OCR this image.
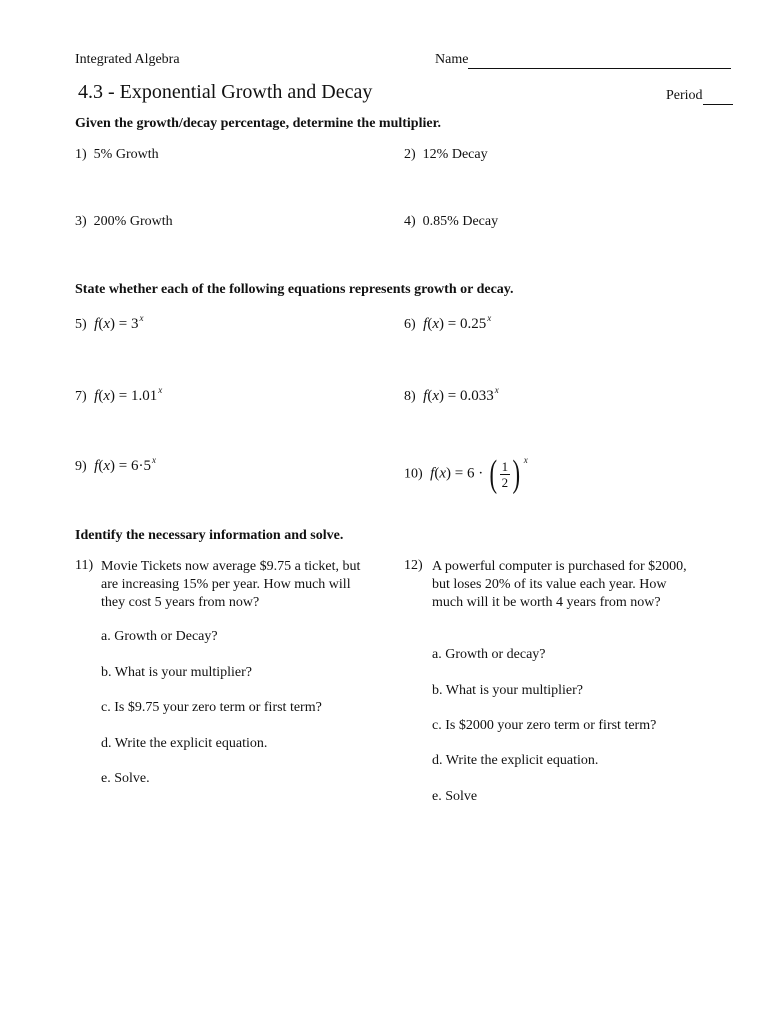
Integrated Algebra	Name
4.3 - Exponential Growth and Decay	Period
Given the growth/decay percentage, determine the multiplier.
1) 5% Growth	2) 12% Decay
3) 200% Growth	4) 0.85% Decay
State whether each of the following equations represents growth or decay.
5) $f(x) = 3^x$	6) $f(x) = 0.25^x$
7) $f(x) = 1.01^x$	8) $f(x) = 0.033^x$
9) $f(x) = 6\cdot 5^x$
10) f(x) = 6 · ( $\frac{1}{2}$ ) $^x$
Identify the necessary information and solve.
11) Movie Tickets now average $9.75 a ticket, but are increasing 15% per year. How much will they cost 5 years from now?
a. Growth or Decay?
b. What is your multiplier?
c. Is $9.75 your zero term or first term?
d. Write the explicit equation.
e. Solve.
12) A powerful computer is purchased for $2000, but loses 20% of its value each year. How much will it be worth 4 years from now?
a. Growth or decay?
b. What is your multiplier?
c. Is $2000 your zero term or first term?
d. Write the explicit equation.
e. Solve
